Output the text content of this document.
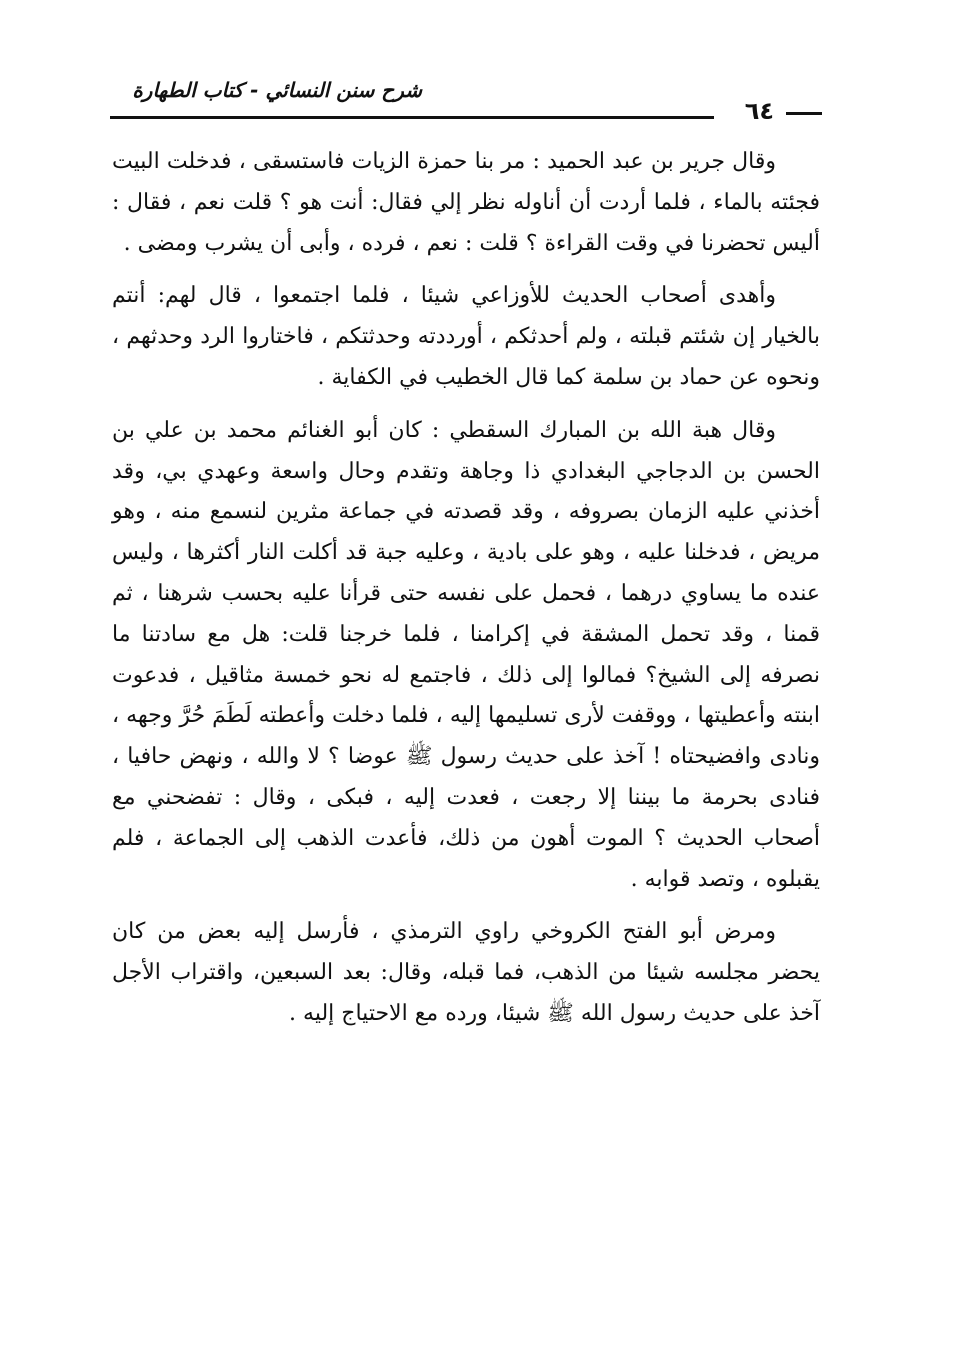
شرح سنن النسائي - كتاب الطهارة
٦٤

وقال جرير بن عبد الحميد : مر بنا حمزة الزيات فاستسقى ، فدخلت البيت فجئته بالماء ، فلما أردت أن أناوله نظر إلي فقال: أنت هو ؟ قلت نعم ، فقال : أليس تحضرنا في وقت القراءة ؟ قلت : نعم ، فرده ، وأبى أن يشرب ومضى .

وأهدى أصحاب الحديث للأوزاعي شيئا ، فلما اجتمعوا ، قال لهم: أنتم بالخيار إن شئتم قبلته ، ولم أحدثكم ، أورددته وحدثتكم ، فاختاروا الرد وحدثهم ، ونحوه عن حماد بن سلمة كما قال الخطيب في الكفاية .

وقال هبة الله بن المبارك السقطي : كان أبو الغنائم محمد بن علي بن الحسن بن الدجاجي البغدادي ذا وجاهة وتقدم وحال واسعة وعهدي بي، وقد أخذني عليه الزمان بصروفه ، وقد قصدته في جماعة مثرين لنسمع منه ، وهو مريض ، فدخلنا عليه ، وهو على بادية ، وعليه جبة قد أكلت النار أكثرها ، وليس عنده ما يساوي درهما ، فحمل على نفسه حتى قرأنا عليه بحسب شرهنا ، ثم قمنا ، وقد تحمل المشقة في إكرامنا ، فلما خرجنا قلت: هل مع سادتنا ما نصرفه إلى الشيخ؟ فمالوا إلى ذلك ، فاجتمع له نحو خمسة مثاقيل ، فدعوت ابنته وأعطيتها ، ووقفت لأرى تسليمها إليه ، فلما دخلت وأعطته لَطَمَ حُرَّ وجهه ، ونادى وافضيحتاه ! آخذ على حديث رسول ﷺ عوضا ؟ لا والله ، ونهض حافيا ، فنادى بحرمة ما بيننا إلا رجعت ، فعدت إليه ، فبكى ، وقال : تفضحني مع أصحاب الحديث ؟ الموت أهون من ذلك، فأعدت الذهب إلى الجماعة ، فلم يقبلوه ، وتصد قوابه .

ومرض أبو الفتح الكروخي راوي الترمذي ، فأرسل إليه بعض من كان يحضر مجلسه شيئا من الذهب، فما قبله، وقال: بعد السبعين، واقتراب الأجل آخذ على حديث رسول الله ﷺ شيئا، ورده مع الاحتياج إليه .
